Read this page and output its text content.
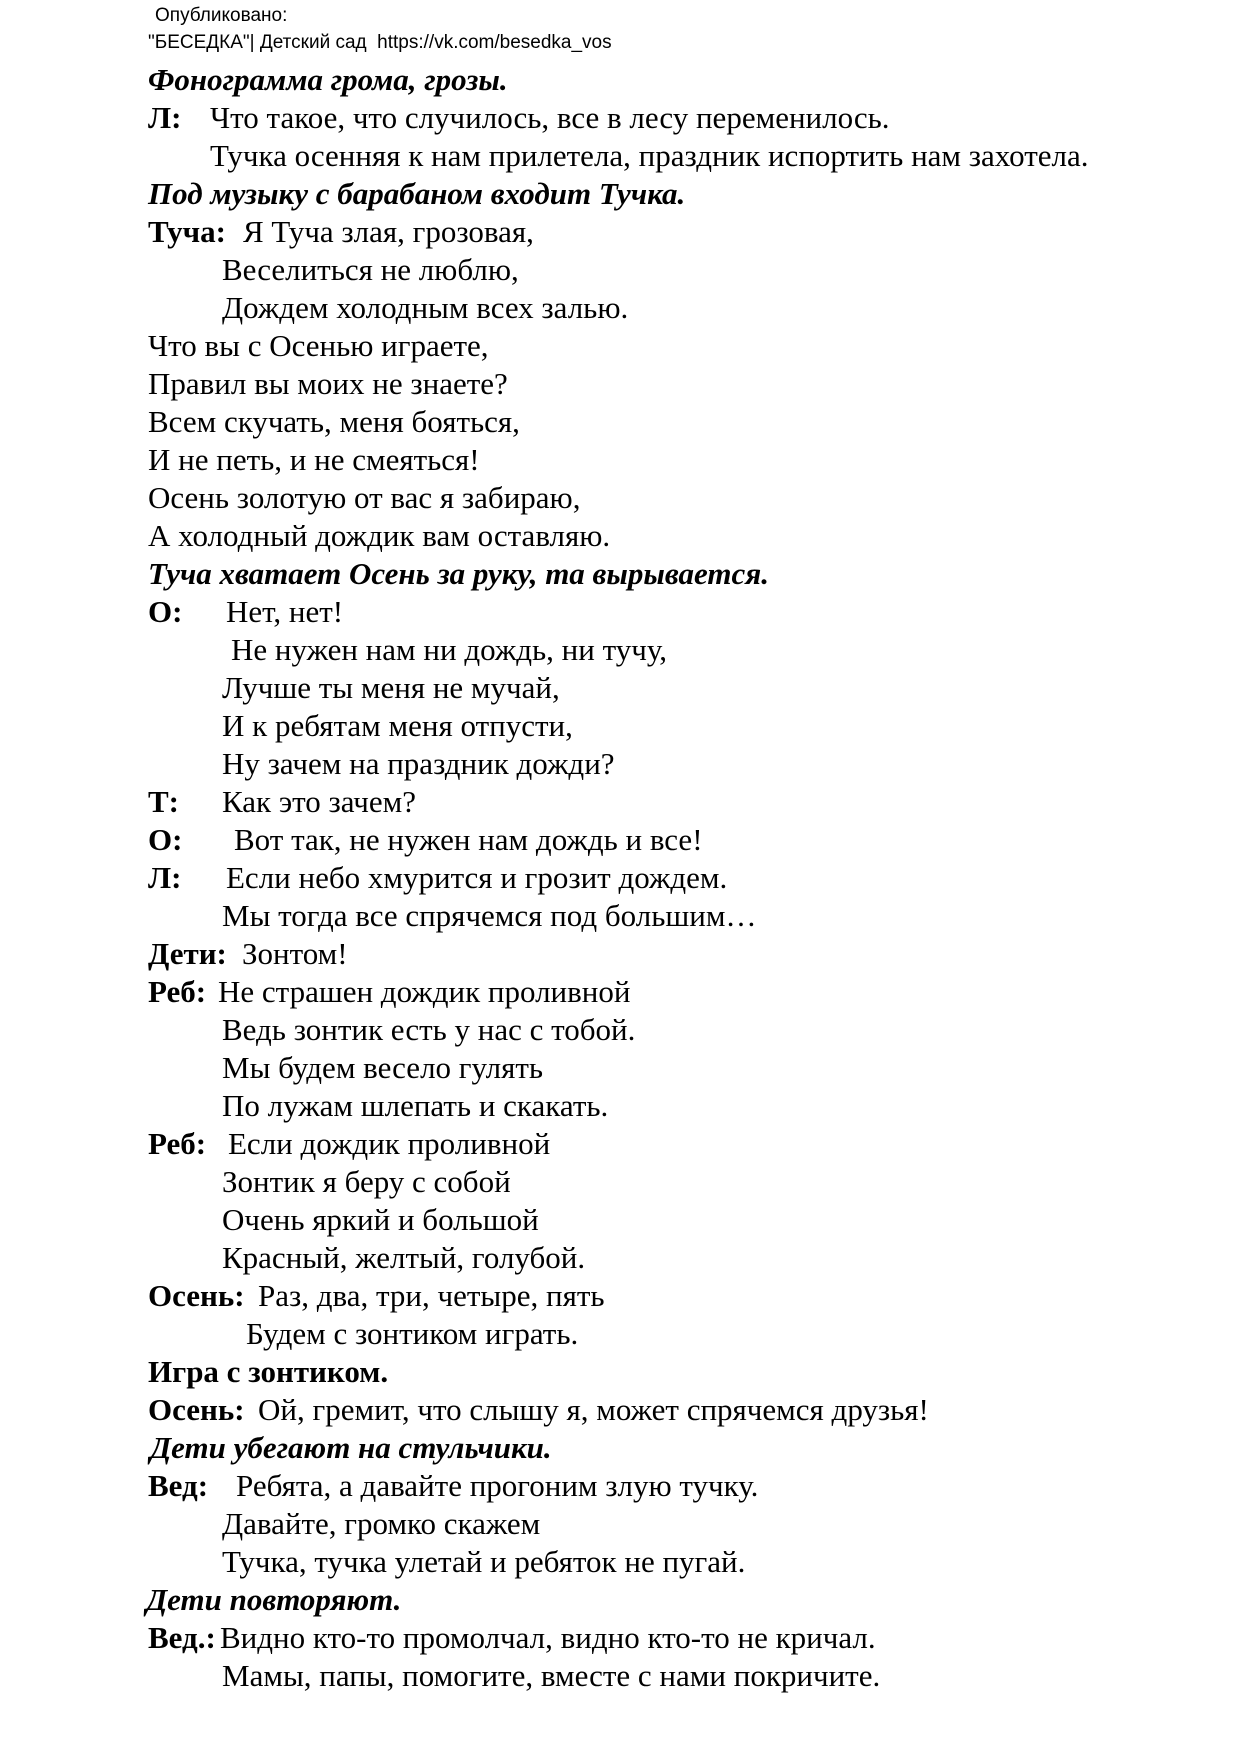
Опубликовано:
"БЕСЕДКА"| Детский сад  https://vk.com/besedka_vos
Фонограмма грома, грозы.
Л: Что такое, что случилось, все в лесу переменилось.
Тучка осенняя к нам прилетела, праздник испортить нам захотела.
Под музыку с барабаном входит Тучка.
Туча: Я Туча злая, грозовая,
Веселиться не люблю,
Дождем холодным всех залью.
Что вы с Осенью играете,
Правил вы моих не знаете?
Всем скучать, меня бояться,
И не петь, и не смеяться!
Осень золотую от вас я забираю,
А холодный дождик вам оставляю.
Туча хватает Осень за руку, та вырывается.
О: Нет, нет!
Не нужен нам ни дождь, ни тучу,
Лучше ты меня не мучай,
И к ребятам меня отпусти,
Ну зачем на праздник дожди?
Т: Как это зачем?
О: Вот так, не нужен нам дождь и все!
Л: Если небо хмурится и грозит дождем.
Мы тогда все спрячемся под большим…
Дети: Зонтом!
Реб: Не страшен дождик проливной
Ведь зонтик есть у нас с тобой.
Мы будем весело гулять
По лужам шлепать и скакать.
Реб: Если дождик проливной
Зонтик я беру с собой
Очень яркий и большой
Красный, желтый, голубой.
Осень: Раз, два, три, четыре, пять
Будем с зонтиком играть.
Игра с зонтиком.
Осень: Ой, гремит, что слышу я, может спрячемся друзья!
Дети убегают на стульчики.
Вед: Ребята, а давайте прогоним злую тучку.
Давайте, громко скажем
Тучка, тучка улетай и ребяток не пугай.
Дети повторяют.
Вед.: Видно кто-то промолчал, видно кто-то не кричал.
Мамы, папы, помогите, вместе с нами покричите.
